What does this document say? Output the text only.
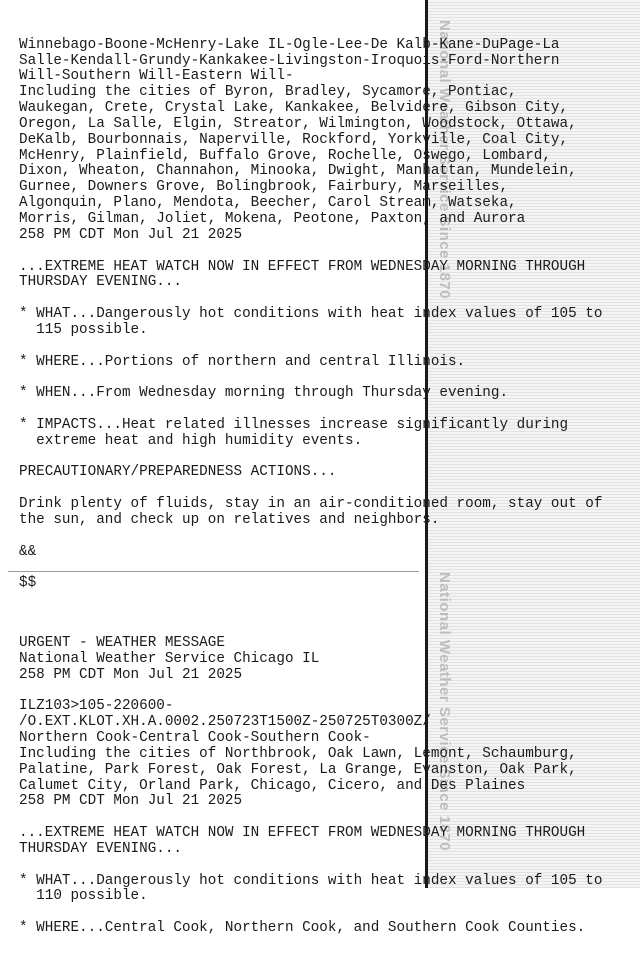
National Weather Service Since 1870
National Weather Service Since 1870

Winnebago-Boone-McHenry-Lake IL-Ogle-Lee-De Kalb-Kane-DuPage-La
Salle-Kendall-Grundy-Kankakee-Livingston-Iroquois-Ford-Northern
Will-Southern Will-Eastern Will-
Including the cities of Byron, Bradley, Sycamore, Pontiac,
Waukegan, Crete, Crystal Lake, Kankakee, Belvidere, Gibson City,
Oregon, La Salle, Elgin, Streator, Wilmington, Woodstock, Ottawa,
DeKalb, Bourbonnais, Naperville, Rockford, Yorkville, Coal City,
McHenry, Plainfield, Buffalo Grove, Rochelle, Oswego, Lombard,
Dixon, Wheaton, Channahon, Minooka, Dwight, Manhattan, Mundelein,
Gurnee, Downers Grove, Bolingbrook, Fairbury, Marseilles,
Algonquin, Plano, Mendota, Beecher, Carol Stream, Watseka,
Morris, Gilman, Joliet, Mokena, Peotone, Paxton, and Aurora
258 PM CDT Mon Jul 21 2025
...EXTREME HEAT WATCH NOW IN EFFECT FROM WEDNESDAY MORNING THROUGH
THURSDAY EVENING...
* WHAT...Dangerously hot conditions with heat index values of 105 to
115 possible.
* WHERE...Portions of northern and central Illinois.
* WHEN...From Wednesday morning through Thursday evening.
* IMPACTS...Heat related illnesses increase significantly during
extreme heat and high humidity events.
PRECAUTIONARY/PREPAREDNESS ACTIONS...
Drink plenty of fluids, stay in an air-conditioned room, stay out of
the sun, and check up on relatives and neighbors.
&&
$$

URGENT - WEATHER MESSAGE
National Weather Service Chicago IL
258 PM CDT Mon Jul 21 2025
ILZ103>105-220600-
/O.EXT.KLOT.XH.A.0002.250723T1500Z-250725T0300Z/
Northern Cook-Central Cook-Southern Cook-
Including the cities of Northbrook, Oak Lawn, Lemont, Schaumburg,
Palatine, Park Forest, Oak Forest, La Grange, Evanston, Oak Park,
Calumet City, Orland Park, Chicago, Cicero, and Des Plaines
258 PM CDT Mon Jul 21 2025
...EXTREME HEAT WATCH NOW IN EFFECT FROM WEDNESDAY MORNING THROUGH
THURSDAY EVENING...
* WHAT...Dangerously hot conditions with heat index values of 105 to
110 possible.
* WHERE...Central Cook, Northern Cook, and Southern Cook Counties.
